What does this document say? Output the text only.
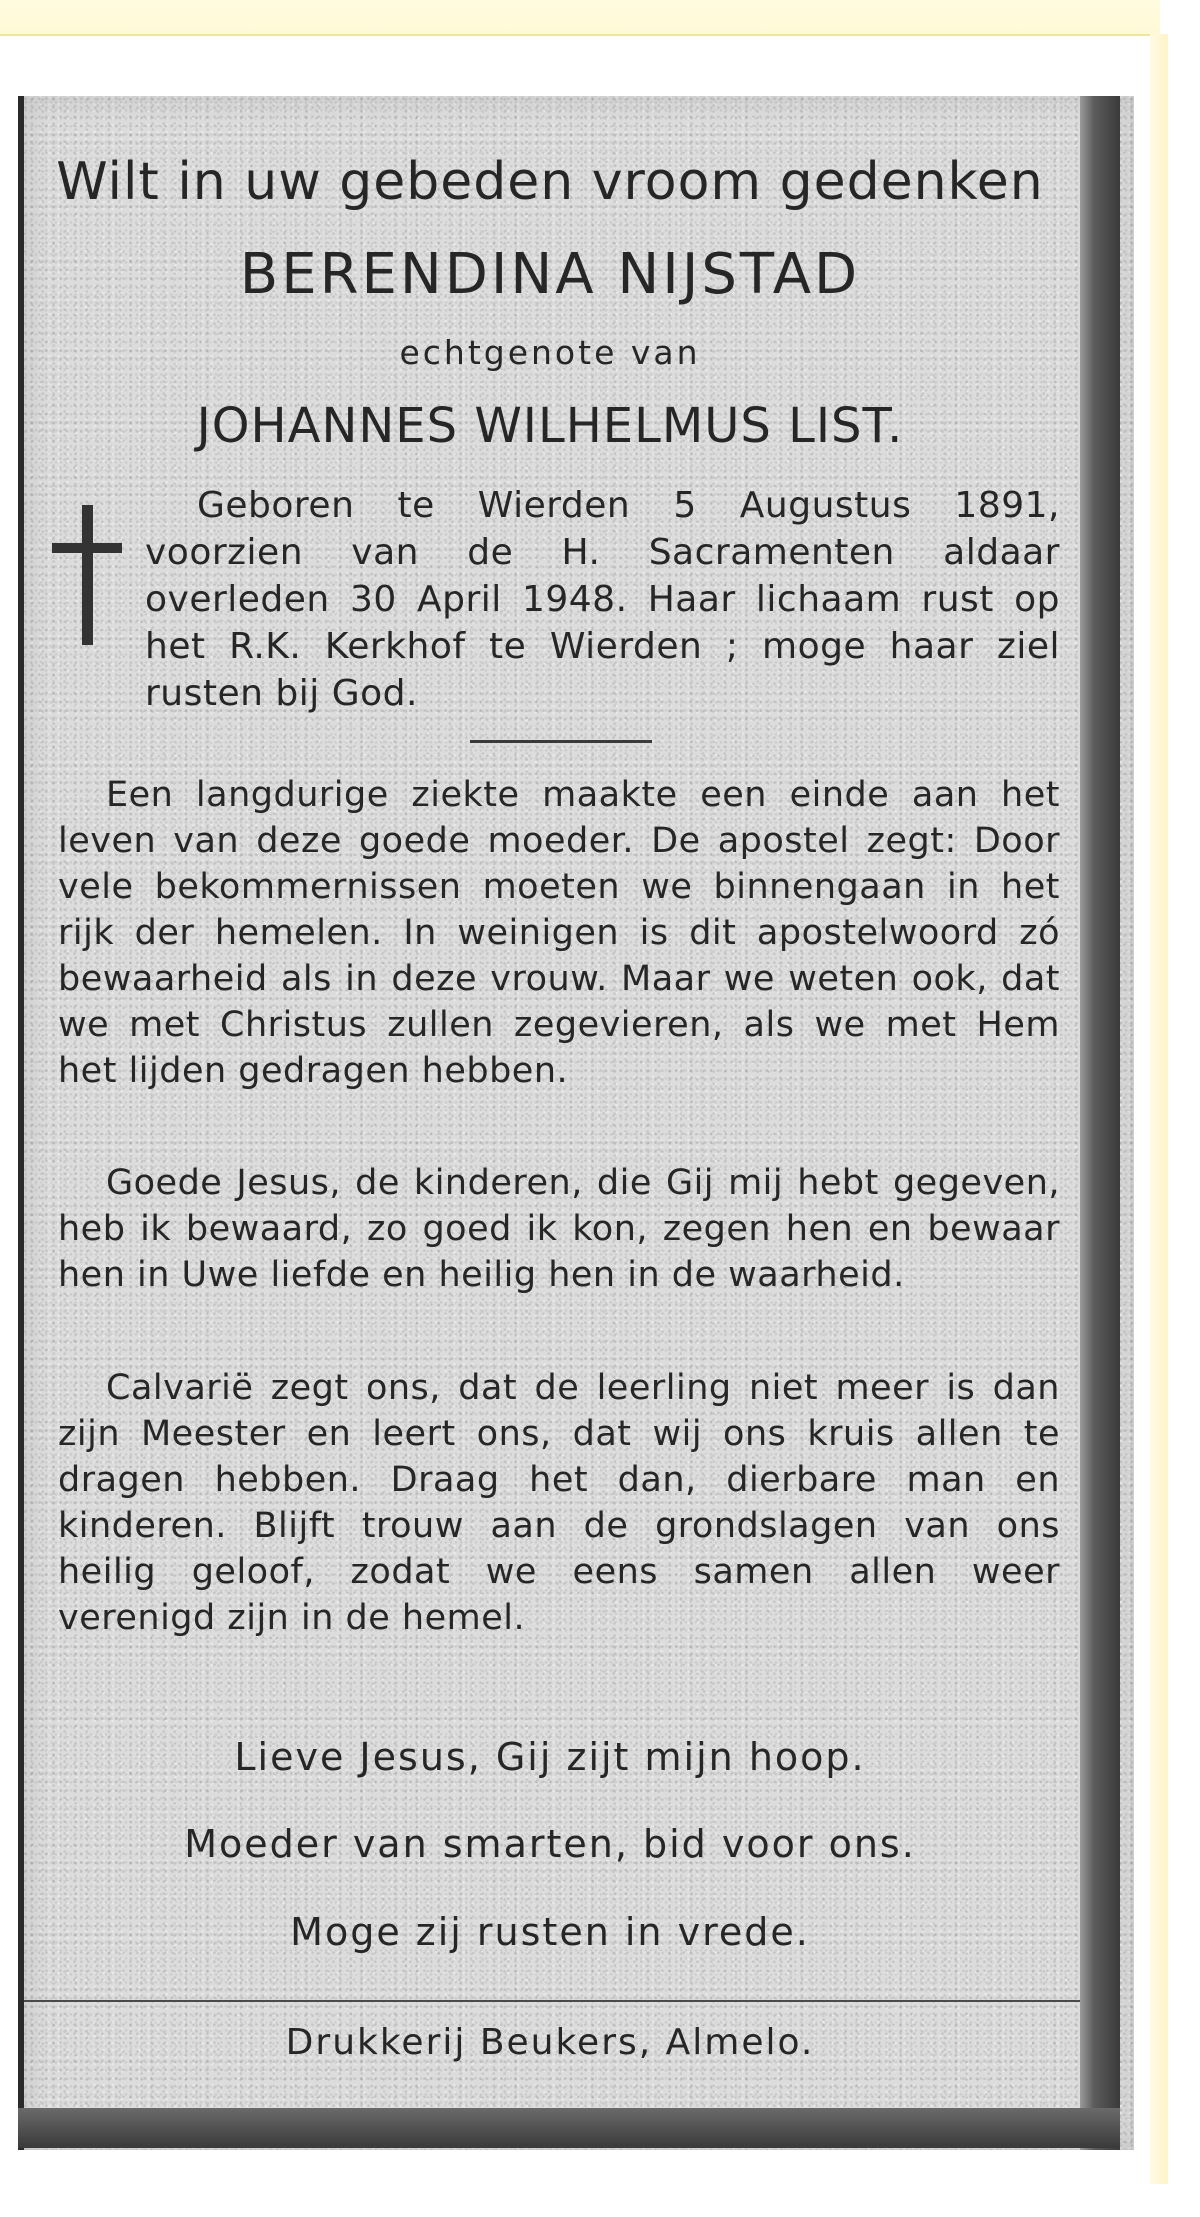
Wilt in uw gebeden vroom gedenken
BERENDINA NIJSTAD
echtgenote van
JOHANNES WILHELMUS LIST.
Geboren te Wierden 5 Augustus 1891, voorzien van de H. Sacramenten aldaar overleden 30 April 1948. Haar lichaam rust op het R.K. Kerkhof te Wierden ; moge haar ziel rusten bij God.
Een langdurige ziekte maakte een einde aan het leven van deze goede moeder. De apostel zegt: Door vele bekommernissen moeten we binnengaan in het rijk der hemelen. In weinigen is dit apostelwoord zó bewaarheid als in deze vrouw. Maar we weten ook, dat we met Christus zullen zegevieren, als we met Hem het lijden gedragen hebben.
Goede Jesus, de kinderen, die Gij mij hebt gegeven, heb ik bewaard, zo goed ik kon, zegen hen en bewaar hen in Uwe liefde en heilig hen in de waarheid.
Calvarië zegt ons, dat de leerling niet meer is dan zijn Meester en leert ons, dat wij ons kruis allen te dragen hebben. Draag het dan, dierbare man en kinderen. Blijft trouw aan de grondslagen van ons heilig geloof, zodat we eens samen allen weer verenigd zijn in de hemel.
Lieve Jesus, Gij zijt mijn hoop.
Moeder van smarten, bid voor ons.
Moge zij rusten in vrede.
Drukkerij Beukers, Almelo.
